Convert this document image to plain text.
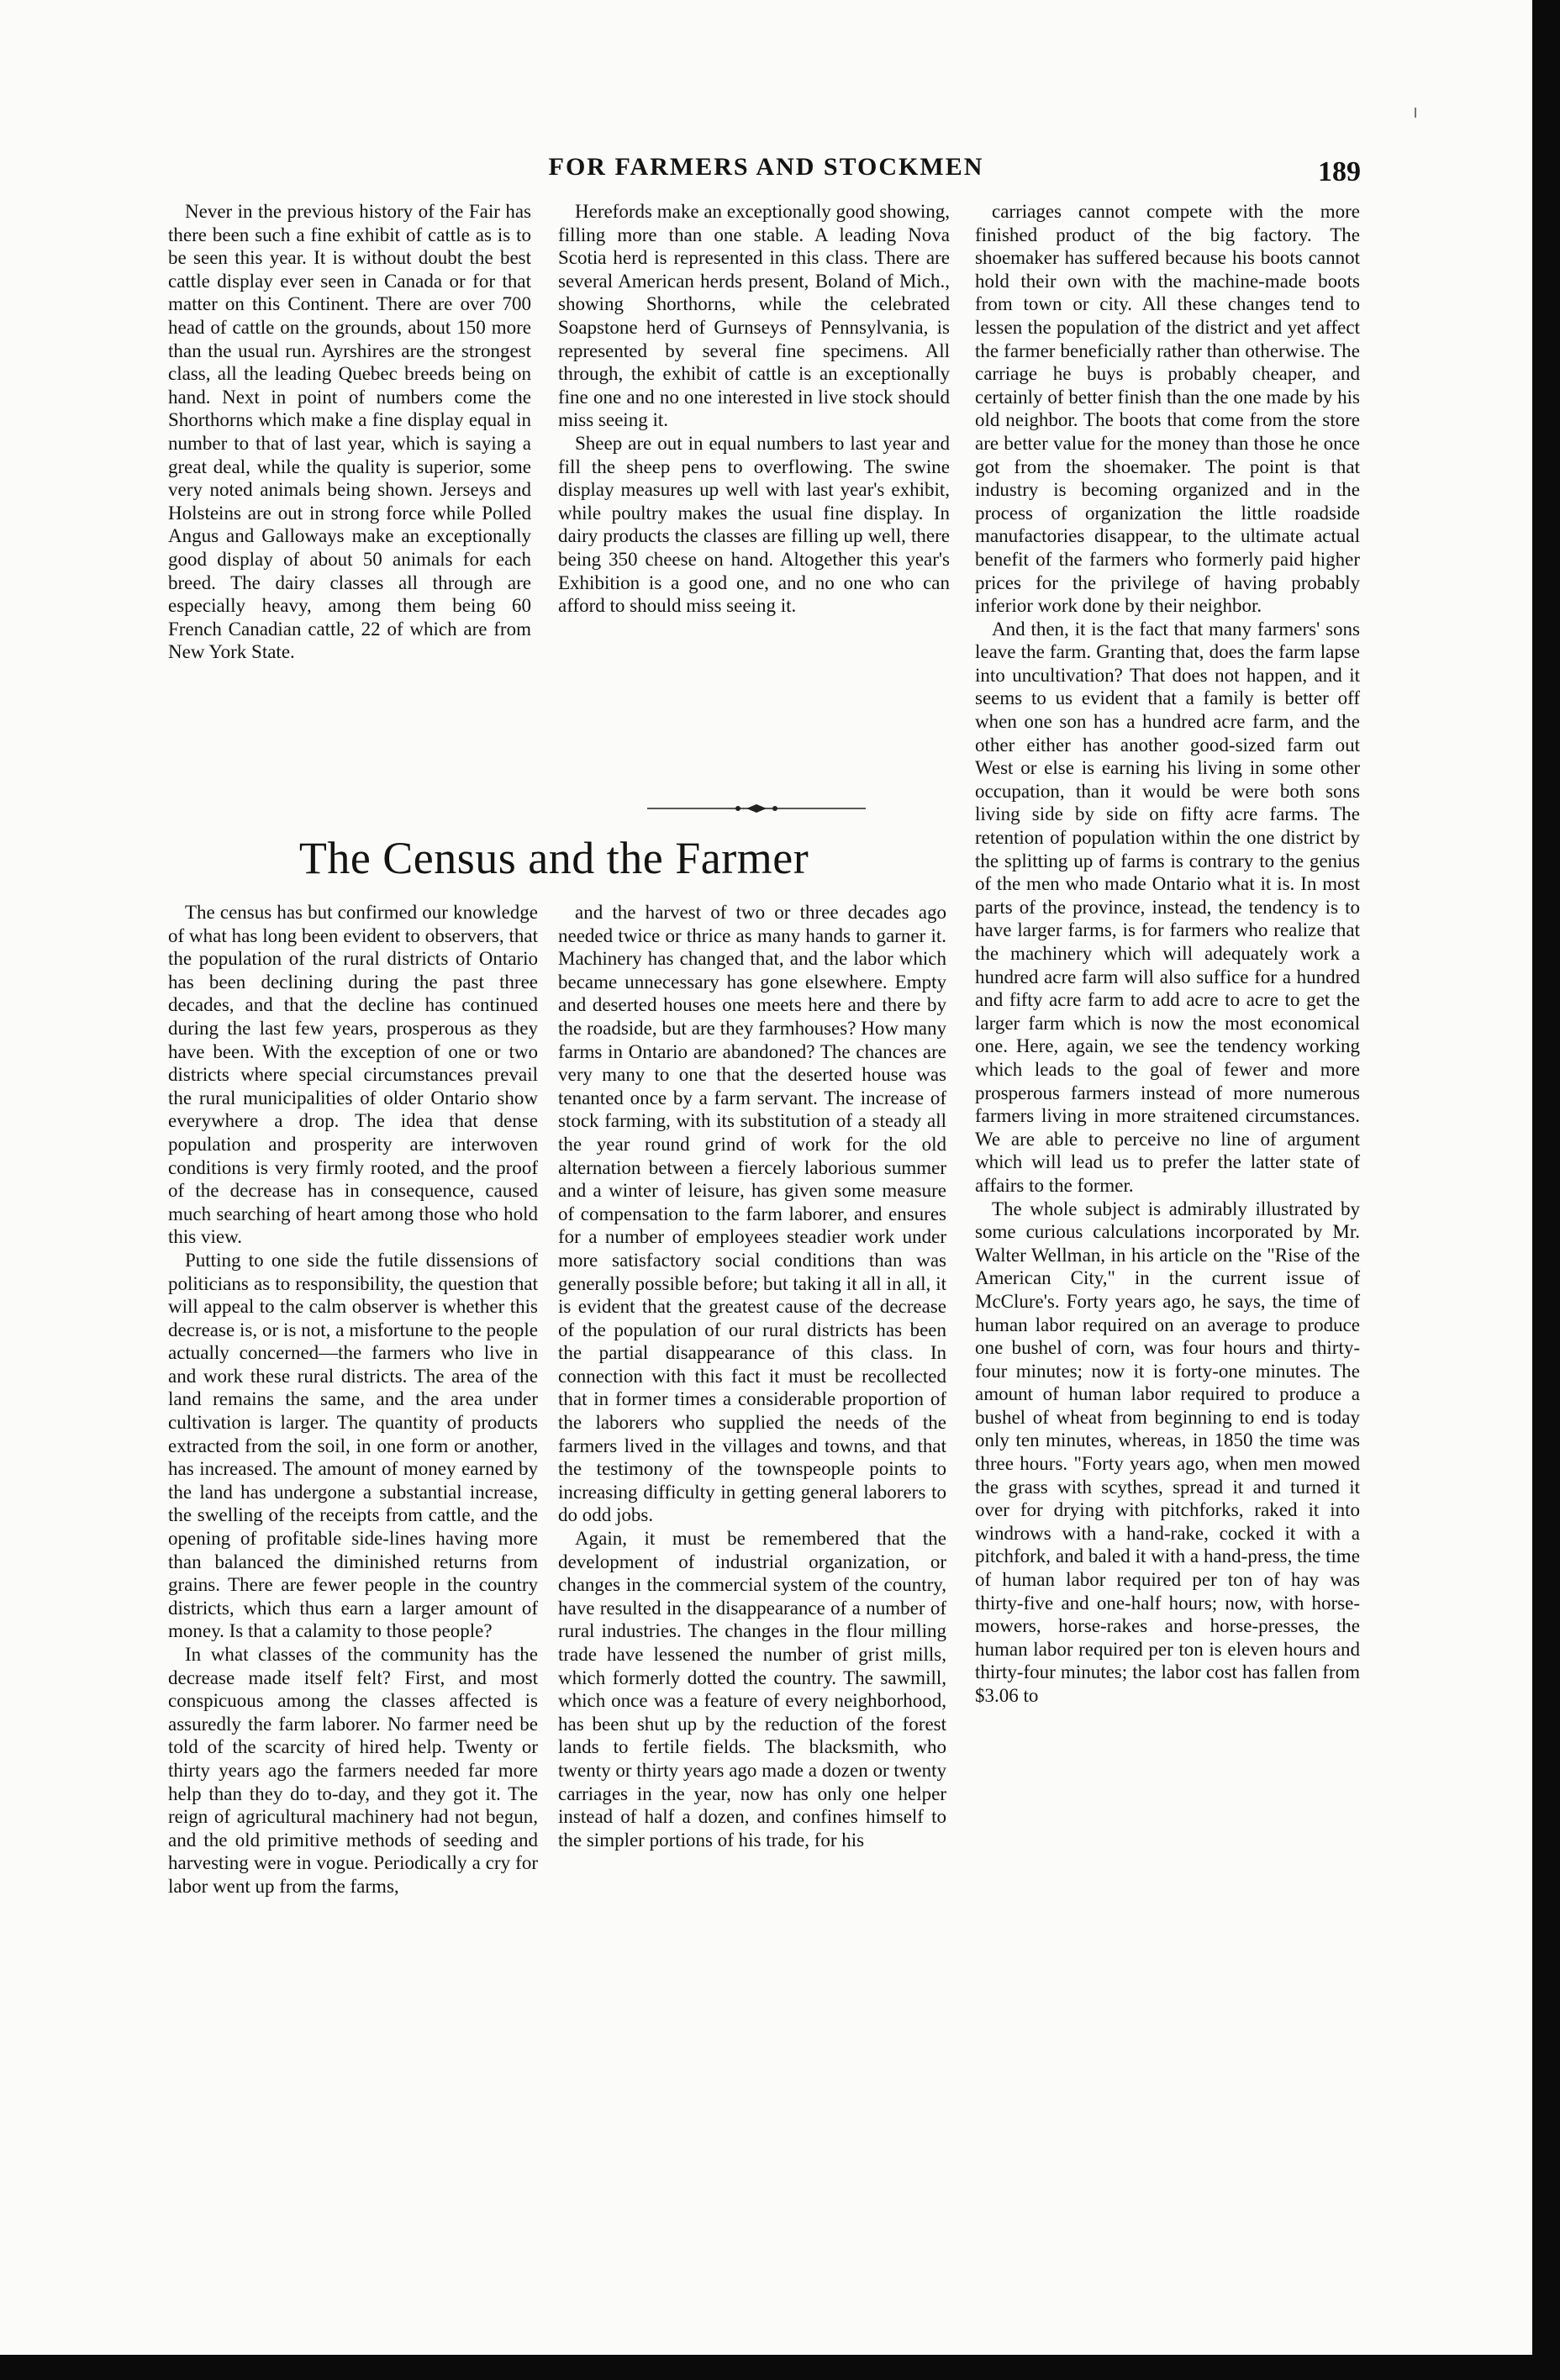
FOR FARMERS AND STOCKMEN	189

Never in the previous history of the Fair has there been such a fine exhibit of cattle as is to be seen this year. It is without doubt the best cattle display ever seen in Canada or for that matter on this Continent. There are over 700 head of cattle on the grounds, about 150 more than the usual run. Ayrshires are the strongest class, all the leading Quebec breeds being on hand. Next in point of numbers come the Shorthorns which make a fine display equal in number to that of last year, which is saying a great deal, while the quality is superior, some very noted animals being shown. Jerseys and Holsteins are out in strong force while Polled Angus and Galloways make an exceptionally good display of about 50 animals for each breed. The dairy classes all through are especially heavy, among them being 60 French Canadian cattle, 22 of which are from New York State.

Herefords make an exceptionally good showing, filling more than one stable. A leading Nova Scotia herd is represented in this class. There are several American herds present, Boland of Mich., showing Shorthorns, while the celebrated Soapstone herd of Gurnseys of Pennsylvania, is represented by several fine specimens. All through, the exhibit of cattle is an exceptionally fine one and no one interested in live stock should miss seeing it.

Sheep are out in equal numbers to last year and fill the sheep pens to overflowing. The swine display measures up well with last year's exhibit, while poultry makes the usual fine display. In dairy products the classes are filling up well, there being 350 cheese on hand. Altogether this year's Exhibition is a good one, and no one who can afford to should miss seeing it.

The Census and the Farmer

The census has but confirmed our knowledge of what has long been evident to observers, that the population of the rural districts of Ontario has been declining during the past three decades, and that the decline has continued during the last few years, prosperous as they have been. With the exception of one or two districts where special circumstances prevail the rural municipalities of older Ontario show everywhere a drop. The idea that dense population and prosperity are interwoven conditions is very firmly rooted, and the proof of the decrease has in consequence, caused much searching of heart among those who hold this view.

Putting to one side the futile dissensions of politicians as to responsibility, the question that will appeal to the calm observer is whether this decrease is, or is not, a misfortune to the people actually concerned—the farmers who live in and work these rural districts. The area of the land remains the same, and the area under cultivation is larger. The quantity of products extracted from the soil, in one form or another, has increased. The amount of money earned by the land has undergone a substantial increase, the swelling of the receipts from cattle, and the opening of profitable side-lines having more than balanced the diminished returns from grains. There are fewer people in the country districts, which thus earn a larger amount of money. Is that a calamity to those people?

In what classes of the community has the decrease made itself felt? First, and most conspicuous among the classes affected is assuredly the farm laborer. No farmer need be told of the scarcity of hired help. Twenty or thirty years ago the farmers needed far more help than they do to-day, and they got it. The reign of agricultural machinery had not begun, and the old primitive methods of seeding and harvesting were in vogue. Periodically a cry for labor went up from the farms,

and the harvest of two or three decades ago needed twice or thrice as many hands to garner it. Machinery has changed that, and the labor which became unnecessary has gone elsewhere. Empty and deserted houses one meets here and there by the roadside, but are they farmhouses? How many farms in Ontario are abandoned? The chances are very many to one that the deserted house was tenanted once by a farm servant. The increase of stock farming, with its substitution of a steady all the year round grind of work for the old alternation between a fiercely laborious summer and a winter of leisure, has given some measure of compensation to the farm laborer, and ensures for a number of employees steadier work under more satisfactory social conditions than was generally possible before; but taking it all in all, it is evident that the greatest cause of the decrease of the population of our rural districts has been the partial disappearance of this class. In connection with this fact it must be recollected that in former times a considerable proportion of the laborers who supplied the needs of the farmers lived in the villages and towns, and that the testimony of the townspeople points to increasing difficulty in getting general laborers to do odd jobs.

Again, it must be remembered that the development of industrial organization, or changes in the commercial system of the country, have resulted in the disappearance of a number of rural industries. The changes in the flour milling trade have lessened the number of grist mills, which formerly dotted the country. The sawmill, which once was a feature of every neighborhood, has been shut up by the reduction of the forest lands to fertile fields. The blacksmith, who twenty or thirty years ago made a dozen or twenty carriages in the year, now has only one helper instead of half a dozen, and confines himself to the simpler portions of his trade, for his

carriages cannot compete with the more finished product of the big factory. The shoemaker has suffered because his boots cannot hold their own with the machine-made boots from town or city. All these changes tend to lessen the population of the district and yet affect the farmer beneficially rather than otherwise. The carriage he buys is probably cheaper, and certainly of better finish than the one made by his old neighbor. The boots that come from the store are better value for the money than those he once got from the shoemaker. The point is that industry is becoming organized and in the process of organization the little roadside manufactories disappear, to the ultimate actual benefit of the farmers who formerly paid higher prices for the privilege of having probably inferior work done by their neighbor.

And then, it is the fact that many farmers' sons leave the farm. Granting that, does the farm lapse into uncultivation? That does not happen, and it seems to us evident that a family is better off when one son has a hundred acre farm, and the other either has another good-sized farm out West or else is earning his living in some other occupation, than it would be were both sons living side by side on fifty acre farms. The retention of population within the one district by the splitting up of farms is contrary to the genius of the men who made Ontario what it is. In most parts of the province, instead, the tendency is to have larger farms, is for farmers who realize that the machinery which will adequately work a hundred acre farm will also suffice for a hundred and fifty acre farm to add acre to acre to get the larger farm which is now the most economical one. Here, again, we see the tendency working which leads to the goal of fewer and more prosperous farmers instead of more numerous farmers living in more straitened circumstances. We are able to perceive no line of argument which will lead us to prefer the latter state of affairs to the former.

The whole subject is admirably illustrated by some curious calculations incorporated by Mr. Walter Wellman, in his article on the "Rise of the American City," in the current issue of McClure's. Forty years ago, he says, the time of human labor required on an average to produce one bushel of corn, was four hours and thirty-four minutes; now it is forty-one minutes. The amount of human labor required to produce a bushel of wheat from beginning to end is today only ten minutes, whereas, in 1850 the time was three hours. "Forty years ago, when men mowed the grass with scythes, spread it and turned it over for drying with pitchforks, raked it into windrows with a hand-rake, cocked it with a pitchfork, and baled it with a hand-press, the time of human labor required per ton of hay was thirty-five and one-half hours; now, with horse-mowers, horse-rakes and horse-presses, the human labor required per ton is eleven hours and thirty-four minutes; the labor cost has fallen from $3.06 to
